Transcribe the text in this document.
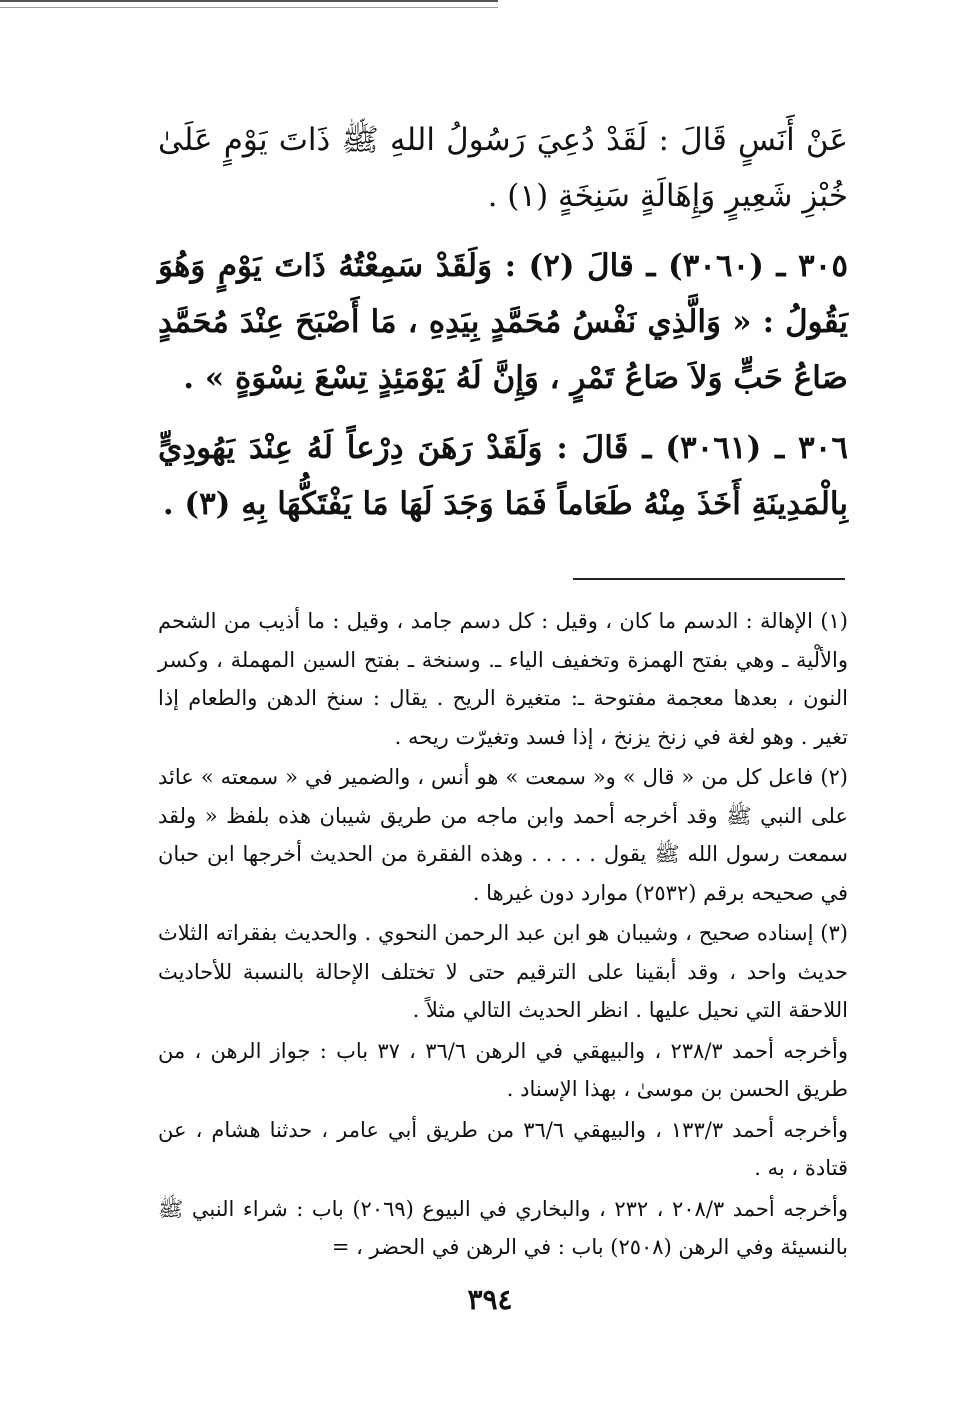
عَنْ أَنَسٍ قَالَ : لَقَدْ دُعِيَ رَسُولُ اللهِ ﷺ ذَاتَ يَوْمٍ عَلَىٰ خُبْزِ شَعِيرٍ وَإِهَالَةٍ سَنِخَةٍ (١) .

٣٠٥ ـ (٣٠٦٠) ـ قالَ (٢) : وَلَقَدْ سَمِعْتُهُ ذَاتَ يَوْمٍ وَهُوَ يَقُولُ : « وَالَّذِي نَفْسُ مُحَمَّدٍ بِيَدِهِ ، مَا أَصْبَحَ عِنْدَ مُحَمَّدٍ صَاعُ حَبٍّ وَلاَ صَاعُ تَمْرٍ ، وَإِنَّ لَهُ يَوْمَئِذٍ تِسْعَ نِسْوَةٍ » .

٣٠٦ ـ (٣٠٦١) ـ قَالَ : وَلَقَدْ رَهَنَ دِرْعاً لَهُ عِنْدَ يَهُودِيٍّ بِالْمَدِينَةِ أَخَذَ مِنْهُ طَعَاماً فَمَا وَجَدَ لَهَا مَا يَفْتَكُّهَا بِهِ (٣) .

(١) الإهالة : الدسم ما كان ، وقيل : كل دسم جامد ، وقيل : ما أذيب من الشحم والألْية ـ وهي بفتح الهمزة وتخفيف الياء ـ. وسنخة ـ بفتح السين المهملة ، وكسر النون ، بعدها معجمة مفتوحة ـ: متغيرة الريح . يقال : سنخ الدهن والطعام إذا تغير . وهو لغة في زنخ يزنخ ، إذا فسد وتغيرّت ريحه .

(٢) فاعل كل من « قال » و« سمعت » هو أنس ، والضمير في « سمعته » عائد على النبي ﷺ وقد أخرجه أحمد وابن ماجه من طريق شيبان هذه بلفظ « ولقد سمعت رسول الله ﷺ يقول . . . . . وهذه الفقرة من الحديث أخرجها ابن حبان في صحيحه برقم (٢٥٣٢) موارد دون غيرها .

(٣) إسناده صحيح ، وشيبان هو ابن عبد الرحمن النحوي . والحديث بفقراته الثلاث حديث واحد ، وقد أبقينا على الترقيم حتى لا تختلف الإحالة بالنسبة للأحاديث اللاحقة التي نحيل عليها . انظر الحديث التالي مثلاً .

وأخرجه أحمد ٢٣٨/٣ ، والبيهقي في الرهن ٣٦/٦ ، ٣٧ باب : جواز الرهن ، من طريق الحسن بن موسىٰ ، بهذا الإسناد .

وأخرجه أحمد ١٣٣/٣ ، والبيهقي ٣٦/٦ من طريق أبي عامر ، حدثنا هشام ، عن قتادة ، به .

وأخرجه أحمد ٢٠٨/٣ ، ٢٣٢ ، والبخاري في البيوع (٢٠٦٩) باب : شراء النبي ﷺ بالنسيئة وفي الرهن (٢٥٠٨) باب : في الرهن في الحضر ، =

٣٩٤
